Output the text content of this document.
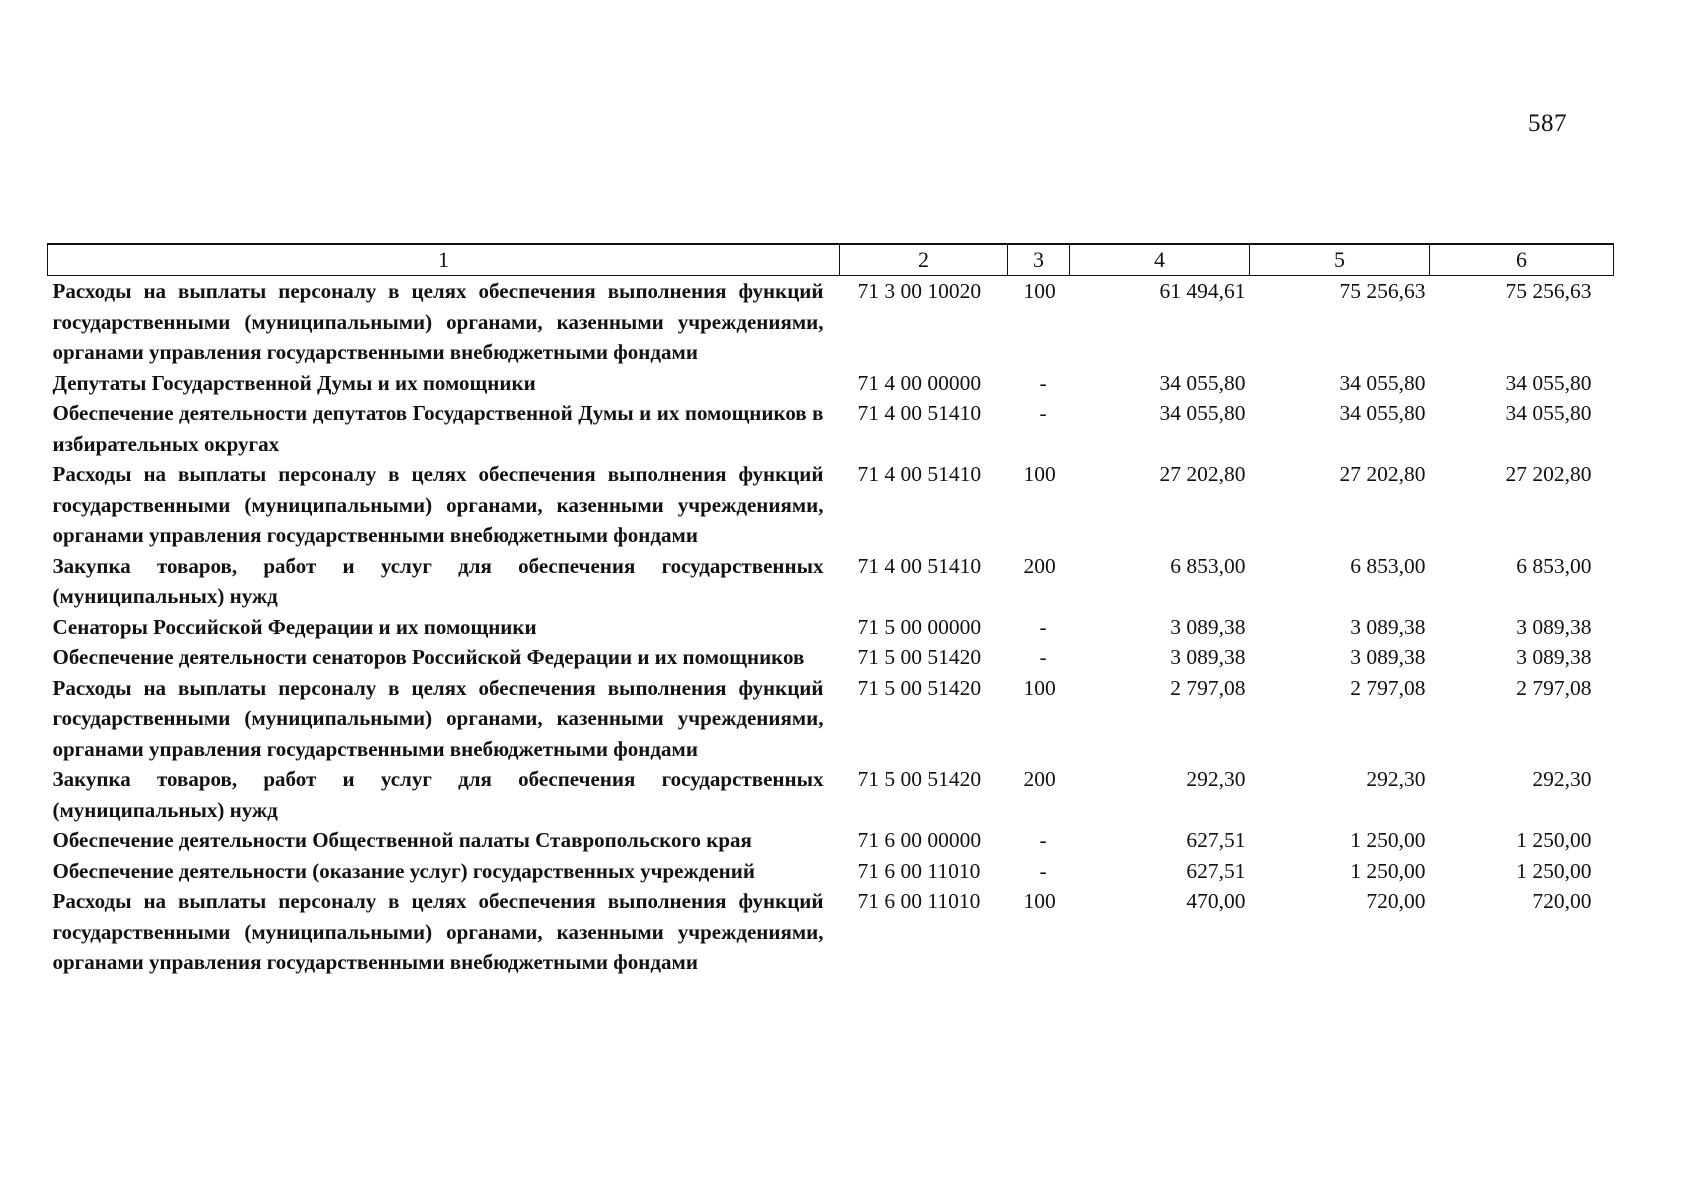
587
1	2	3	4	5	6
Расходы на выплаты персоналу в целях обеспечения выполнения функций государственными (муниципальными) органами, казенными учреждениями, органами управления государственными внебюджетными фондами	71 3 00 10020	100	61 494,61	75 256,63	75 256,63
Депутаты Государственной Думы и их помощники	71 4 00 00000	-	34 055,80	34 055,80	34 055,80
Обеспечение деятельности депутатов Государственной Думы и их помощников в избирательных округах	71 4 00 51410	-	34 055,80	34 055,80	34 055,80
Расходы на выплаты персоналу в целях обеспечения выполнения функций государственными (муниципальными) органами, казенными учреждениями, органами управления государственными внебюджетными фондами	71 4 00 51410	100	27 202,80	27 202,80	27 202,80
Закупка товаров, работ и услуг для обеспечения государственных (муниципальных) нужд	71 4 00 51410	200	6 853,00	6 853,00	6 853,00
Сенаторы Российской Федерации и их помощники	71 5 00 00000	-	3 089,38	3 089,38	3 089,38
Обеспечение деятельности сенаторов Российской Федерации и их помощников	71 5 00 51420	-	3 089,38	3 089,38	3 089,38
Расходы на выплаты персоналу в целях обеспечения выполнения функций государственными (муниципальными) органами, казенными учреждениями, органами управления государственными внебюджетными фондами	71 5 00 51420	100	2 797,08	2 797,08	2 797,08
Закупка товаров, работ и услуг для обеспечения государственных (муниципальных) нужд	71 5 00 51420	200	292,30	292,30	292,30
Обеспечение деятельности Общественной палаты Ставропольского края	71 6 00 00000	-	627,51	1 250,00	1 250,00
Обеспечение деятельности (оказание услуг) государственных учреждений	71 6 00 11010	-	627,51	1 250,00	1 250,00
Расходы на выплаты персоналу в целях обеспечения выполнения функций государственными (муниципальными) органами, казенными учреждениями, органами управления государственными внебюджетными фондами	71 6 00 11010	100	470,00	720,00	720,00
